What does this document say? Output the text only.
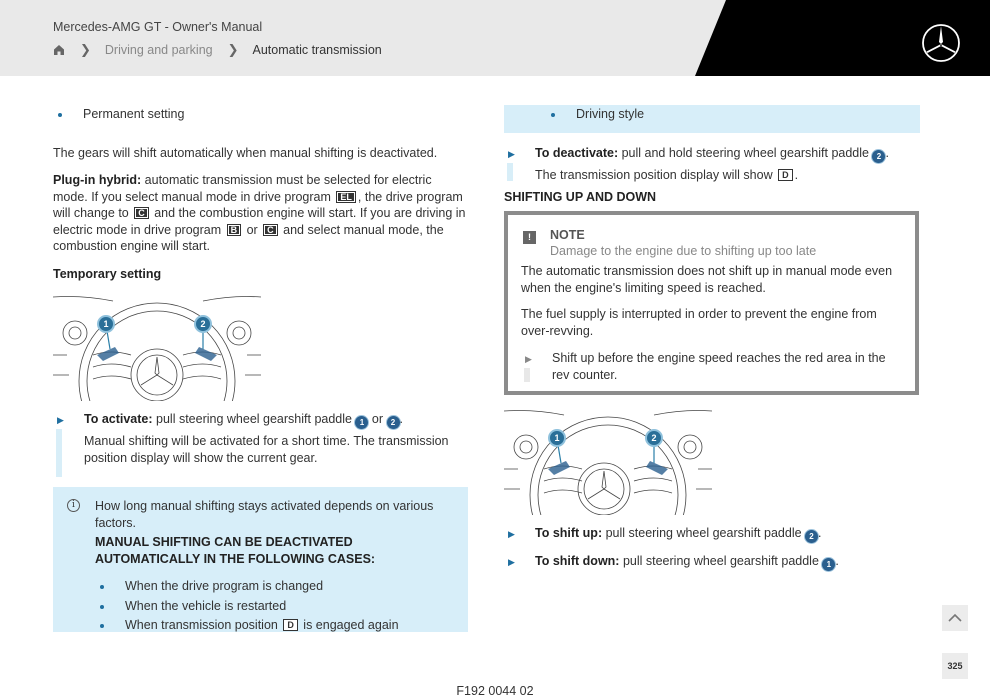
Mercedes-AMG GT - Owner's Manual
❯ Driving and parking ❯ Automatic transmission
Permanent setting
The gears will shift automatically when manual shifting is deactivated.
Plug-in hybrid: automatic transmission must be selected for electric mode. If you select manual mode in drive program EL , the drive program will change to C and the combustion engine will start. If you are driving in electric mode in drive program B or C and select manual mode, the combustion engine will start.
Temporary setting
1	2
▶ To activate: pull steering wheel gearshift paddle 1 or 2 .
Manual shifting will be activated for a short time. The transmission position display will show the current gear.
i	How long manual shifting stays activated depends on various factors.
MANUAL SHIFTING CAN BE DEACTIVATED AUTOMATICALLY IN THE FOLLOWING CASES:
When the drive program is changed
When the vehicle is restarted
When transmission position D is engaged again
Driving style
▶ To deactivate: pull and hold steering wheel gearshift paddle 2 .
The transmission position display will show D .
SHIFTING UP AND DOWN
!	NOTE
Damage to the engine due to shifting up too late
The automatic transmission does not shift up in manual mode even when the engine's limiting speed is reached.
The fuel supply is interrupted in order to prevent the engine from over-revving.
▶ Shift up before the engine speed reaches the red area in the rev counter.
1	2
▶ To shift up: pull steering wheel gearshift paddle 2 .
▶ To shift down: pull steering wheel gearshift paddle 1 .
325
F192 0044 02
